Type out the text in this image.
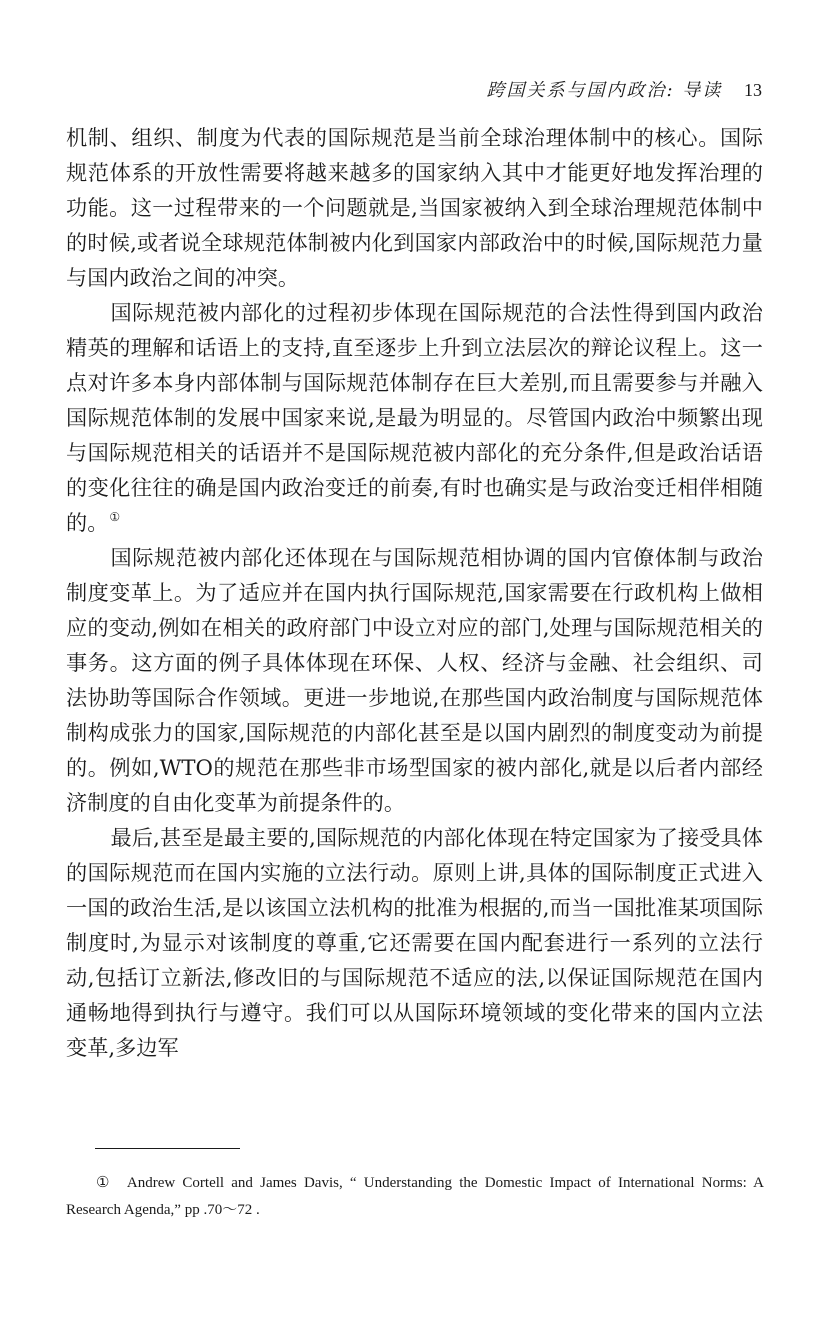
跨国关系与国内政治: 导读 13

机制、组织、制度为代表的国际规范是当前全球治理体制中的核心。国际规范体系的开放性需要将越来越多的国家纳入其中才能更好地发挥治理的功能。这一过程带来的一个问题就是,当国家被纳入到全球治理规范体制中的时候,或者说全球规范体制被内化到国家内部政治中的时候,国际规范力量与国内政治之间的冲突。

国际规范被内部化的过程初步体现在国际规范的合法性得到国内政治精英的理解和话语上的支持,直至逐步上升到立法层次的辩论议程上。这一点对许多本身内部体制与国际规范体制存在巨大差别,而且需要参与并融入国际规范体制的发展中国家来说,是最为明显的。尽管国内政治中频繁出现与国际规范相关的话语并不是国际规范被内部化的充分条件,但是政治话语的变化往往的确是国内政治变迁的前奏,有时也确实是与政治变迁相伴相随的。①

国际规范被内部化还体现在与国际规范相协调的国内官僚体制与政治制度变革上。为了适应并在国内执行国际规范,国家需要在行政机构上做相应的变动,例如在相关的政府部门中设立对应的部门,处理与国际规范相关的事务。这方面的例子具体体现在环保、人权、经济与金融、社会组织、司法协助等国际合作领域。更进一步地说,在那些国内政治制度与国际规范体制构成张力的国家,国际规范的内部化甚至是以国内剧烈的制度变动为前提的。例如,WTO的规范在那些非市场型国家的被内部化,就是以后者内部经济制度的自由化变革为前提条件的。

最后,甚至是最主要的,国际规范的内部化体现在特定国家为了接受具体的国际规范而在国内实施的立法行动。原则上讲,具体的国际制度正式进入一国的政治生活,是以该国立法机构的批准为根据的,而当一国批准某项国际制度时,为显示对该制度的尊重,它还需要在国内配套进行一系列的立法行动,包括订立新法,修改旧的与国际规范不适应的法,以保证国际规范在国内通畅地得到执行与遵守。我们可以从国际环境领域的变化带来的国内立法变革,多边军

① Andrew Cortell and James Davis, “ Understanding the Domestic Impact of International Norms: A Research Agenda,” pp .70～72 .
